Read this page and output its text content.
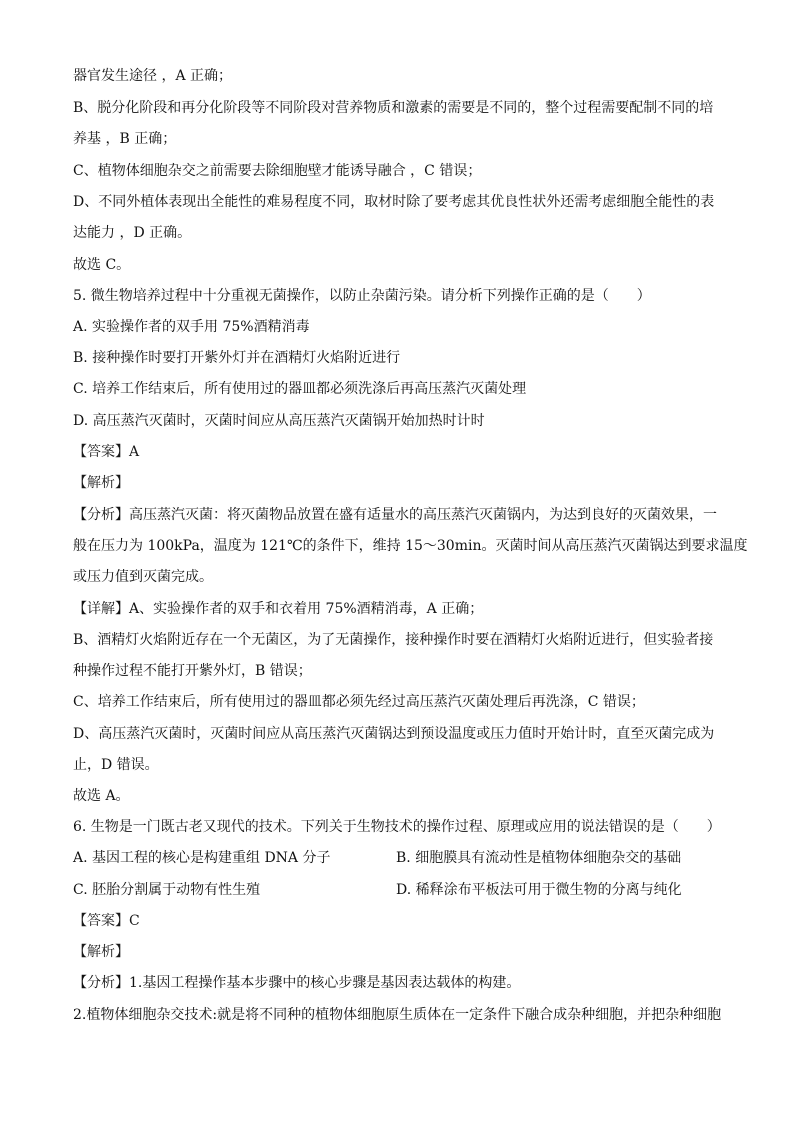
器官发生途径 ，A 正确；
B、脱分化阶段和再分化阶段等不同阶段对营养物质和激素的需要是不同的，整个过程需要配制不同的培
养基 ，B 正确；
C、植物体细胞杂交之前需要去除细胞壁才能诱导融合 ，C 错误；
D、不同外植体表现出全能性的难易程度不同，取材时除了要考虑其优良性状外还需考虑细胞全能性的表
达能力 ，D 正确。
故选 C。
5. 微生物培养过程中十分重视无菌操作，以防止杂菌污染。请分析下列操作正确的是（　　）
A. 实验操作者的双手用 75%酒精消毒
B. 接种操作时要打开紫外灯并在酒精灯火焰附近进行
C. 培养工作结束后，所有使用过的器皿都必须洗涤后再高压蒸汽灭菌处理
D. 高压蒸汽灭菌时，灭菌时间应从高压蒸汽灭菌锅开始加热时计时
【答案】A
【解析】
【分析】高压蒸汽灭菌：将灭菌物品放置在盛有适量水的高压蒸汽灭菌锅内，为达到良好的灭菌效果，一
般在压力为 100kPa，温度为 121℃的条件下，维持 15～30min。灭菌时间从高压蒸汽灭菌锅达到要求温度
或压力值到灭菌完成。
【详解】A、实验操作者的双手和衣着用 75%酒精消毒，A 正确；
B、酒精灯火焰附近存在一个无菌区，为了无菌操作，接种操作时要在酒精灯火焰附近进行，但实验者接
种操作过程不能打开紫外灯，B 错误；
C、培养工作结束后，所有使用过的器皿都必须先经过高压蒸汽灭菌处理后再洗涤，C 错误；
D、高压蒸汽灭菌时，灭菌时间应从高压蒸汽灭菌锅达到预设温度或压力值时开始计时，直至灭菌完成为
止，D 错误。
故选 A。
6. 生物是一门既古老又现代的技术。下列关于生物技术的操作过程、原理或应用的说法错误的是（　　）
A. 基因工程的核心是构建重组 DNA 分子	B. 细胞膜具有流动性是植物体细胞杂交的基础
C. 胚胎分割属于动物有性生殖	D. 稀释涂布平板法可用于微生物的分离与纯化
【答案】C
【解析】
【分析】1.基因工程操作基本步骤中的核心步骤是基因表达载体的构建。
2.植物体细胞杂交技术:就是将不同种的植物体细胞原生质体在一定条件下融合成杂种细胞，并把杂种细胞
